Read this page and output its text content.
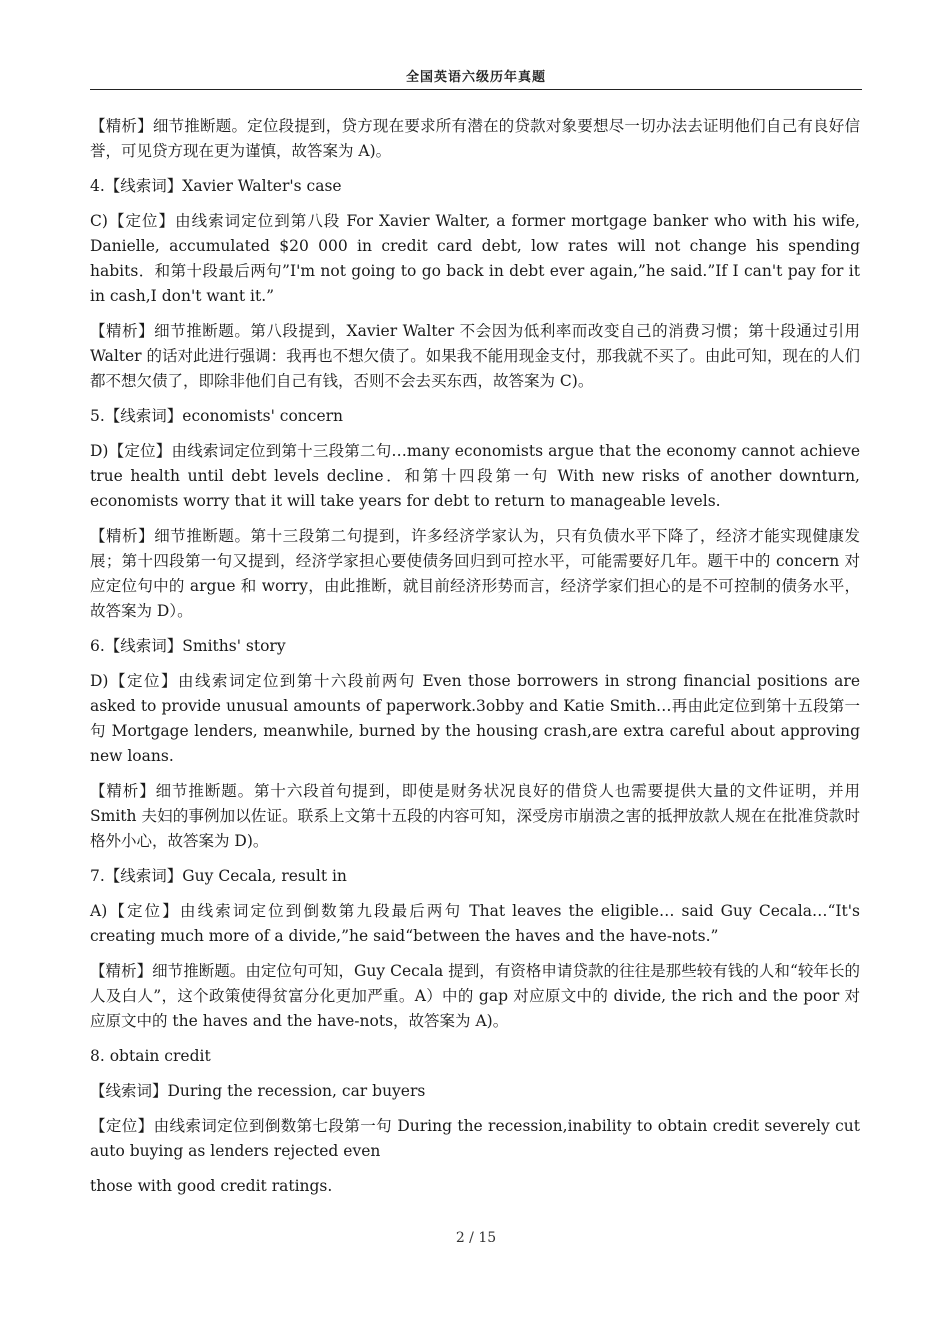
全国英语六级历年真题

【精析】细节推断题。定位段提到，贷方现在要求所有潜在的贷款对象要想尽一切办法去证明他们自己有良好信誉，可见贷方现在更为谨慎，故答案为 A)。

4.【线索词】Xavier Walter's case

C)【定位】由线索词定位到第八段 For Xavier Walter, a former mortgage banker who with his wife, Danielle, accumulated $20 000 in credit card debt, low rates will not change his spending habits．和第十段最后两句”I'm not going to go back in debt ever again,”he said.”If I can't pay for it in cash,I don't want it.”

【精析】细节推断题。第八段提到，Xavier Walter 不会因为低利率而改变自己的消费习惯；第十段通过引用 Walter 的话对此进行强调：我再也不想欠债了。如果我不能用现金支付，那我就不买了。由此可知，现在的人们都不想欠债了，即除非他们自己有钱，否则不会去买东西，故答案为 C)。

5.【线索词】economists' concern

D)【定位】由线索词定位到第十三段第二句…many economists argue that the economy cannot achieve true health until debt levels decline．和第十四段第一句 With new risks of another downturn, economists worry that it will take years for debt to return to manageable levels.

【精析】细节推断题。第十三段第二句提到，许多经济学家认为，只有负债水平下降了，经济才能实现健康发展；第十四段第一句又提到，经济学家担心要使债务回归到可控水平，可能需要好几年。题干中的 concern 对应定位句中的 argue 和 worry，由此推断，就目前经济形势而言，经济学家们担心的是不可控制的债务水平，故答案为 D）。

6.【线索词】Smiths' story

D)【定位】由线索词定位到第十六段前两句 Even those borrowers in strong financial positions are asked to provide unusual amounts of paperwork.3obby and Katie Smith…再由此定位到第十五段第一句 Mortgage lenders, meanwhile, burned by the housing crash,are extra careful about approving new loans.

【精析】细节推断题。第十六段首句提到，即使是财务状况良好的借贷人也需要提供大量的文件证明，并用 Smith 夫妇的事例加以佐证。联系上文第十五段的内容可知，深受房市崩溃之害的抵押放款人规在在批准贷款时格外小心，故答案为 D)。

7.【线索词】Guy Cecala, result in

A)【定位】由线索词定位到倒数第九段最后两句 That leaves the eligible… said Guy Cecala…“It's creating much more of a divide,”he said“between the haves and the have-nots.”

【精析】细节推断题。由定位句可知，Guy Cecala 提到，有资格申请贷款的往往是那些较有钱的人和“较年长的人及白人”，这个政策使得贫富分化更加严重。A）中的 gap 对应原文中的 divide, the rich and the poor 对应原文中的 the haves and the have-nots，故答案为 A)。

8. obtain credit

【线索词】During the recession, car buyers

【定位】由线索词定位到倒数第七段第一句 During the recession,inability to obtain credit severely cut auto buying as lenders rejected even

those with good credit ratings.

2 / 15
